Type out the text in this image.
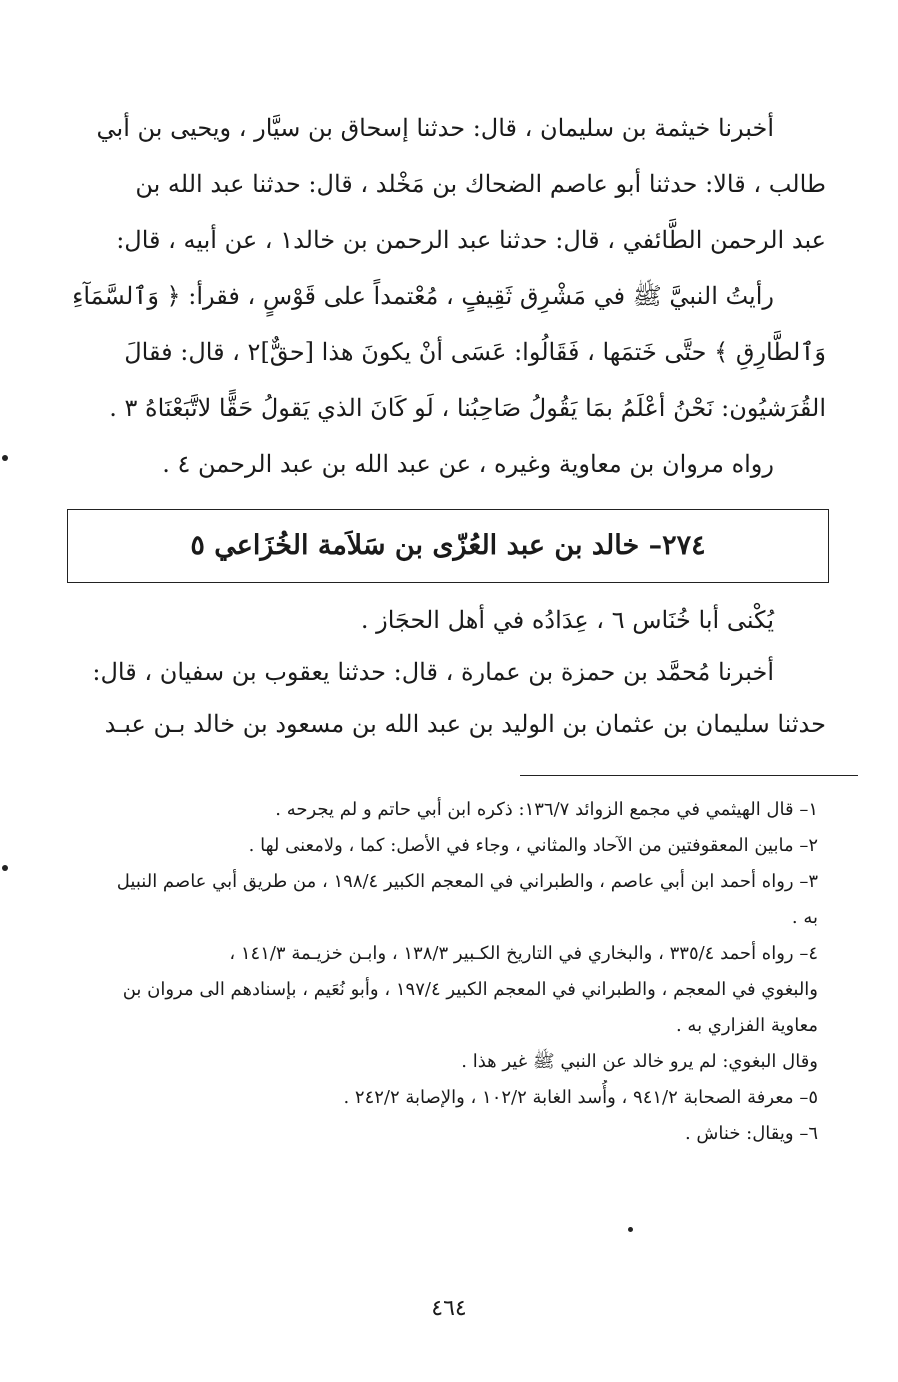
أخبرنا خيثمة بن سليمان ، قال: حدثنا إسحاق بن سيَّار ، ويحيى بن أبي
طالب ، قالا: حدثنا أبو عاصم الضحاك بن مَخْلد ، قال: حدثنا عبد الله بن
عبد الرحمن الطَّائفي ، قال: حدثنا عبد الرحمن بن خالد١ ، عن أبيه ، قال:
رأيتُ النبيَّ ﷺ في مَشْرِق ثَقِيفٍ ، مُعْتمداً على قَوْسٍ ، فقرأ: ﴿ وَٱلسَّمَآءِ
وَٱلطَّارِقِ ﴾ حتَّى خَتمَها ، فَقَالُوا: عَسَى أنْ يكونَ هذا [حقٌّ]٢ ، قال: فقالَ
القُرَشيُون: نَحْنُ أعْلَمُ بمَا يَقُولُ صَاحِبُنا ، لَو كَانَ الذي يَقولُ حَقًّا لاتَّبَعْنَاهُ ٣ .
رواه مروان بن معاوية وغيره ، عن عبد الله بن عبد الرحمن ٤ .
٢٧٤– خالد بن عبد العُزّى بن سَلاَمة الخُزَاعي ٥
يُكْنى أبا خُنَاس ٦ ، عِدَادُه في أهل الحجَاز .
أخبرنا مُحمَّد بن حمزة بن عمارة ، قال: حدثنا يعقوب بن سفيان ، قال:
حدثنا سليمان بن عثمان بن الوليد بن عبد الله بن مسعود بن خالد بـن عبـد
١– قال الهيثمي في مجمع الزوائد ١٣٦/٧: ذكره ابن أبي حاتم و لم يجرحه .
٢– مابين المعقوفتين من الآحاد والمثاني ، وجاء في الأصل: كما ، ولامعنى لها .
٣– رواه أحمد ابن أبي عاصم ، والطبراني في المعجم الكبير ١٩٨/٤ ، من طريق أبي عاصم النبيل
به .
٤– رواه أحمد ٣٣٥/٤ ، والبخاري في التاريخ الكـبير ١٣٨/٣ ، وابـن خزيـمة ١٤١/٣ ،
والبغوي في المعجم ، والطبراني في المعجم الكبير ١٩٧/٤ ، وأبو نُعَيم ، بإسنادهم الى مروان بن
معاوية الفزاري به .
وقال البغوي: لم يرو خالد عن النبي ﷺ غير هذا .
٥– معرفة الصحابة ٩٤١/٢ ، وأُسد الغابة ١٠٢/٢ ، والإصابة ٢٤٢/٢ .
٦– ويقال: خناش .
٤٦٤
